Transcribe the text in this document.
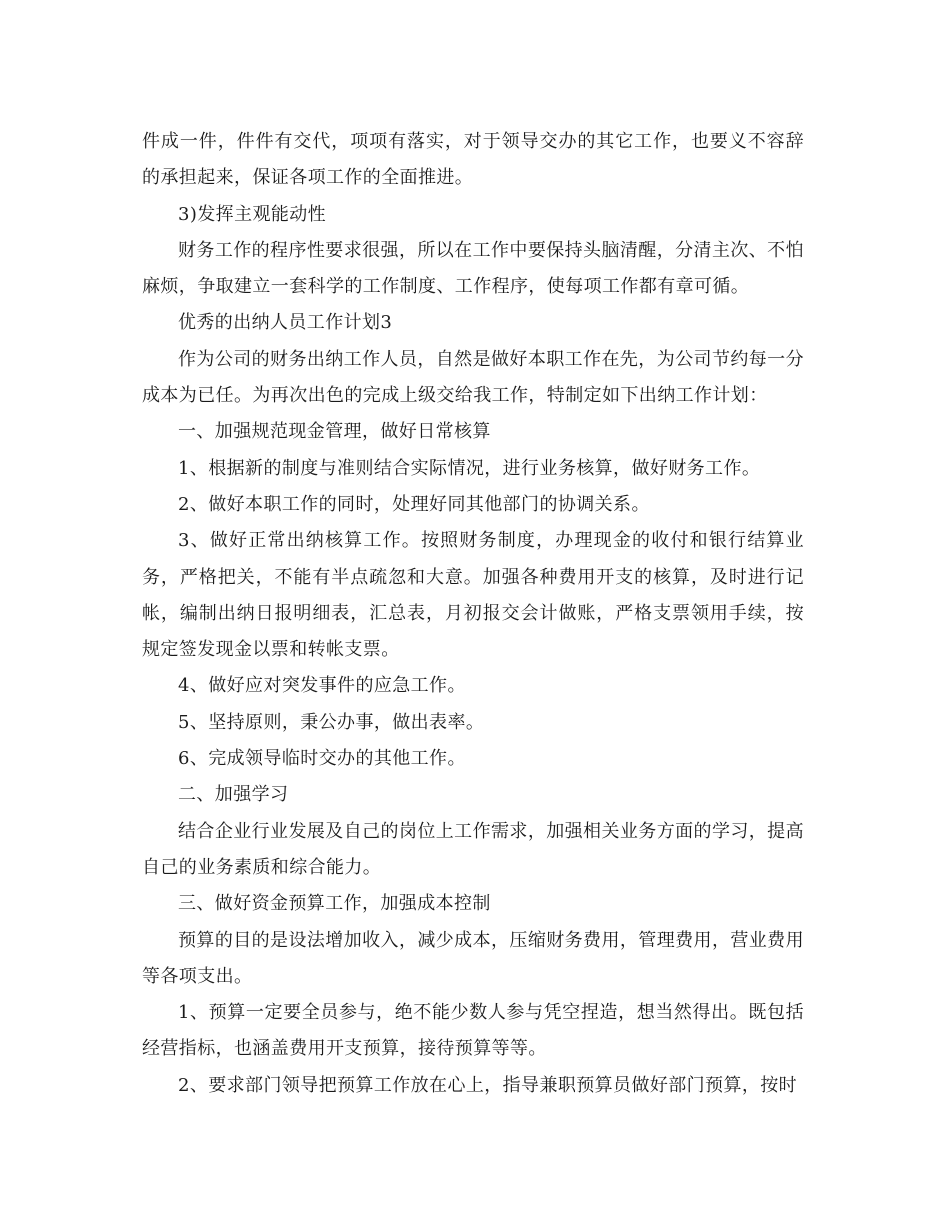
件成一件，件件有交代，项项有落实，对于领导交办的其它工作，也要义不容辞的承担起来，保证各项工作的全面推进。

3)发挥主观能动性

财务工作的程序性要求很强，所以在工作中要保持头脑清醒，分清主次、不怕麻烦，争取建立一套科学的工作制度、工作程序，使每项工作都有章可循。

优秀的出纳人员工作计划3

作为公司的财务出纳工作人员，自然是做好本职工作在先，为公司节约每一分成本为已任。为再次出色的完成上级交给我工作，特制定如下出纳工作计划：

一、加强规范现金管理，做好日常核算

1、根据新的制度与准则结合实际情况，进行业务核算，做好财务工作。

2、做好本职工作的同时，处理好同其他部门的协调关系。

3、做好正常出纳核算工作。按照财务制度，办理现金的收付和银行结算业务，严格把关，不能有半点疏忽和大意。加强各种费用开支的核算，及时进行记帐，编制出纳日报明细表，汇总表，月初报交会计做账，严格支票领用手续，按规定签发现金以票和转帐支票。

4、做好应对突发事件的应急工作。

5、坚持原则，秉公办事，做出表率。

6、完成领导临时交办的其他工作。

二、加强学习

结合企业行业发展及自己的岗位上工作需求，加强相关业务方面的学习，提高自己的业务素质和综合能力。

三、做好资金预算工作，加强成本控制

预算的目的是设法增加收入，减少成本，压缩财务费用，管理费用，营业费用等各项支出。

1、预算一定要全员参与，绝不能少数人参与凭空捏造，想当然得出。既包括经营指标，也涵盖费用开支预算，接待预算等等。

2、要求部门领导把预算工作放在心上，指导兼职预算员做好部门预算，按时
